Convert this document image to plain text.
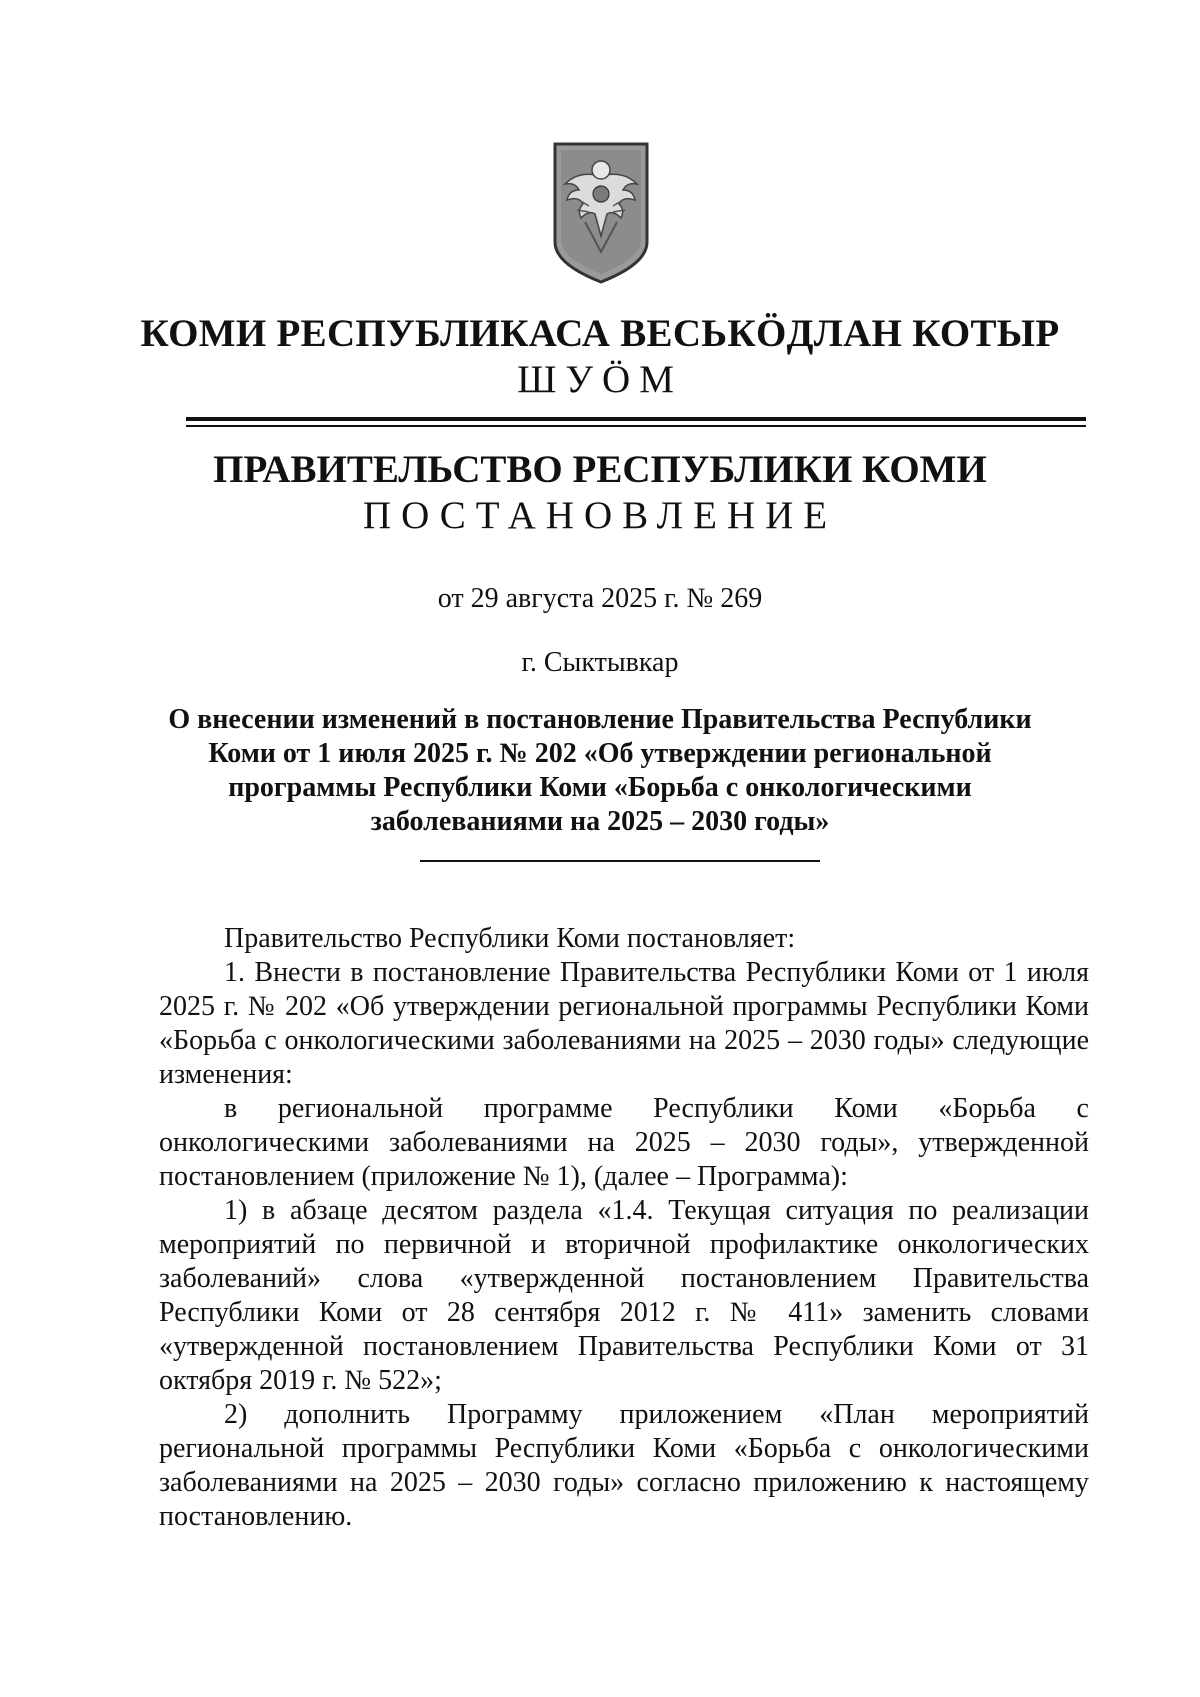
КОМИ РЕСПУБЛИКАСА ВЕСЬКӦДЛАН КОТЫР
ШУӦМ
ПРАВИТЕЛЬСТВО РЕСПУБЛИКИ КОМИ
ПОСТАНОВЛЕНИЕ
от 29 августа 2025 г. № 269
г. Сыктывкар
О внесении изменений в постановление Правительства Республики Коми от 1 июля 2025 г. № 202 «Об утверждении региональной программы Республики Коми «Борьба с онкологическими заболеваниями на 2025 – 2030 годы»

Правительство Республики Коми постановляет:

1. Внести в постановление Правительства Республики Коми от 1 июля 2025 г. № 202 «Об утверждении региональной программы Республики Коми «Борьба с онкологическими заболеваниями на 2025 – 2030 годы» следующие изменения:

в региональной программе Республики Коми «Борьба с онкологическими заболеваниями на 2025 – 2030 годы», утвержденной постановлением (приложение № 1), (далее – Программа):

1) в абзаце десятом раздела «1.4. Текущая ситуация по реализации мероприятий по первичной и вторичной профилактике онкологических заболеваний» слова «утвержденной постановлением Правительства Республики Коми от 28 сентября 2012 г. № 411» заменить словами «утвержденной постановлением Правительства Республики Коми от 31 октября 2019 г. № 522»;

2) дополнить Программу приложением «План мероприятий региональной программы Республики Коми «Борьба с онкологическими заболеваниями на 2025 – 2030 годы» согласно приложению к настоящему постановлению.
